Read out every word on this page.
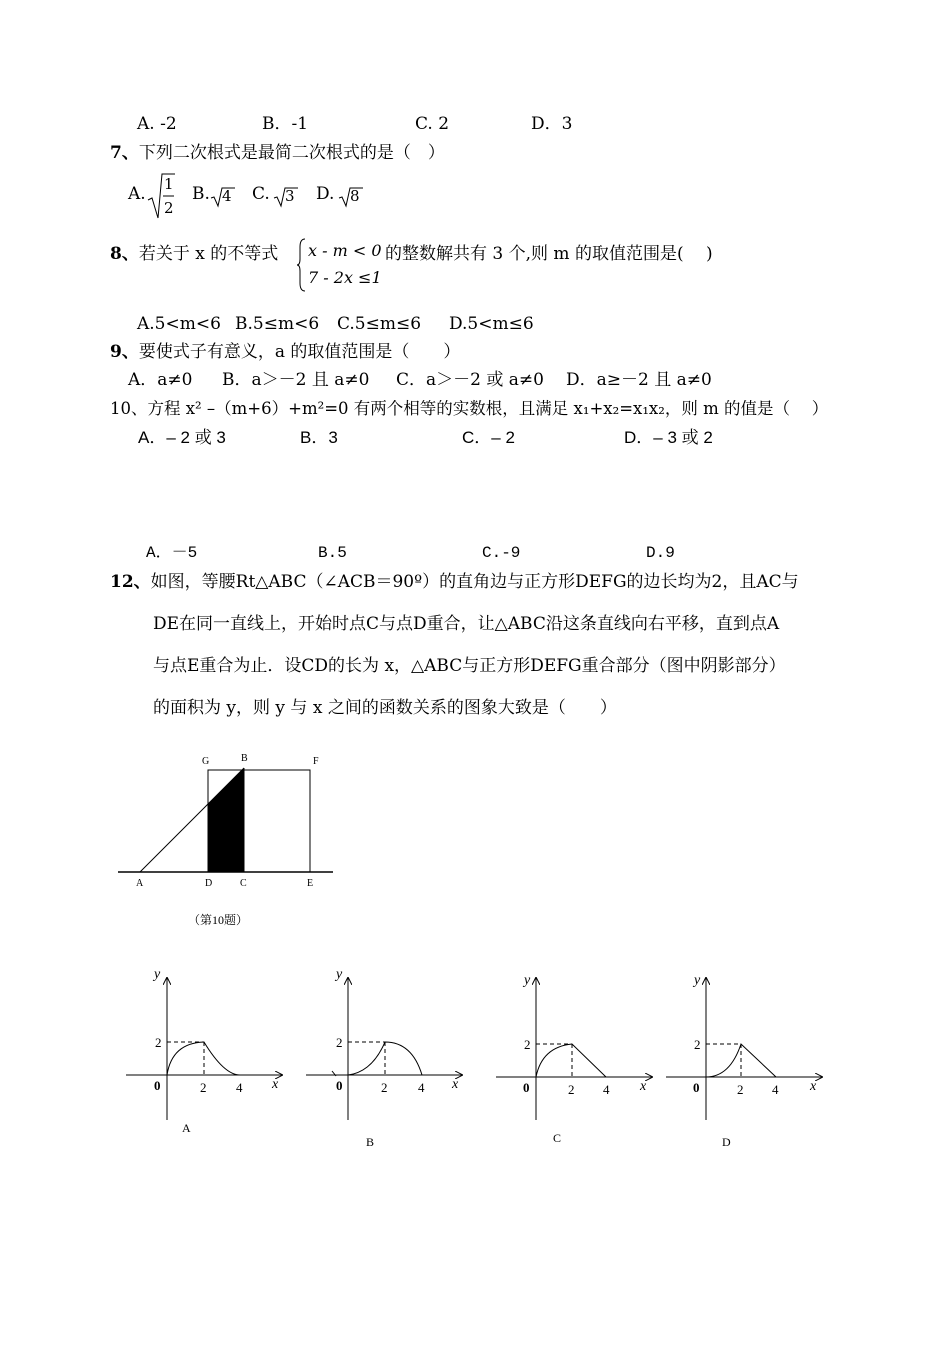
A. -2	B．-1	C. 2	D．3
7、下列二次根式是最简二次根式的是（　）
A. 1
2
B. 4 C. 3 D. 8
8、若关于 x 的不等式 x - m < 0
7 - 2x ≤1
的整数解共有 3 个,则 m 的取值范围是(　 )
A.5<m<6 B.5≤m<6 C.5≤m≤6 D.5<m≤6
9、要使式子有意义，a 的取值范围是（　　）
A．a≠0 B．a＞－2 且 a≠0 C．a＞－2 或 a≠0 D．a≥－2 且 a≠0
10、方程 x² –（m+6）+m²=0 有两个相等的实数根，且满足 x₁+x₂=x₁x₂，则 m 的值是（　 ）
A．– 2 或 3	B．3	C．– 2	D．– 3 或 2
A．－5	B.5	C.-9	D.9
12、如图，等腰Rt△ABC（∠ACB＝90º）的直角边与正方形DEFG的边长均为2，且AC与
DE在同一直线上，开始时点C与点D重合，让△ABC沿这条直线向右平移，直到点A
与点E重合为止．设CD的长为 x，△ABC与正方形DEFG重合部分（图中阴影部分）
的面积为 y，则 y 与 x 之间的函数关系的图象大致是（　　）
G	B	F
A	D	C	E
（第10题）
y
x
0
2
2 4
A
y
x
0
2
2 4
B
y
x
0
2
2 4
C
y
x
0
2
2 4
D
